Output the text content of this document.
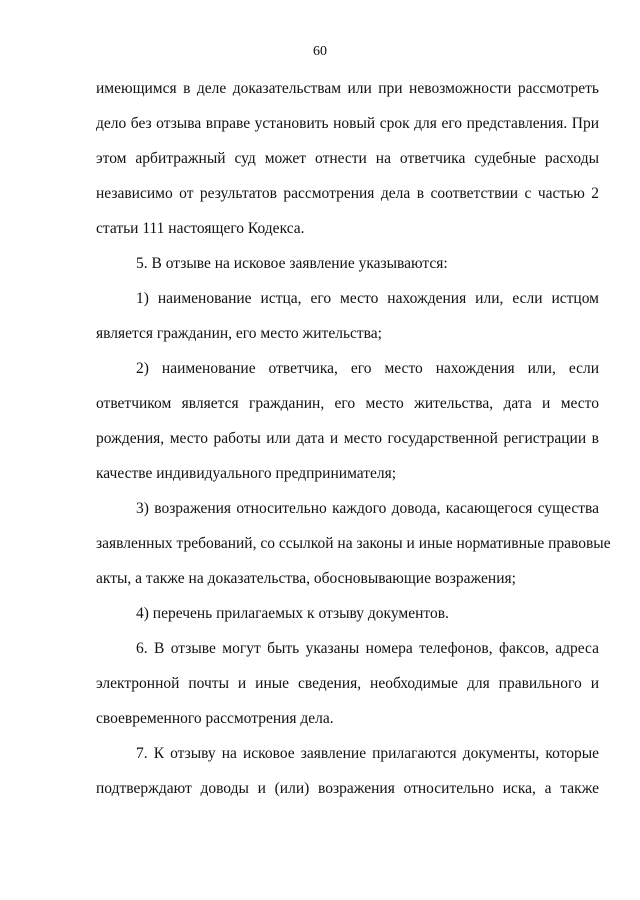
60
имеющимся в деле доказательствам или при невозможности рассмотреть
дело без отзыва вправе установить новый срок для его представления. При
этом арбитражный суд может отнести на ответчика судебные расходы
независимо от результатов рассмотрения дела в соответствии с частью 2
статьи 111 настоящего Кодекса.
5. В отзыве на исковое заявление указываются:
1) наименование истца, его место нахождения или, если истцом
является гражданин, его место жительства;
2) наименование ответчика, его место нахождения или, если
ответчиком является гражданин, его место жительства, дата и место
рождения, место работы или дата и место государственной регистрации в
качестве индивидуального предпринимателя;
3) возражения относительно каждого довода, касающегося существа
заявленных требований, со ссылкой на законы и иные нормативные правовые
акты, а также на доказательства, обосновывающие возражения;
4) перечень прилагаемых к отзыву документов.
6. В отзыве могут быть указаны номера телефонов, факсов, адреса
электронной почты и иные сведения, необходимые для правильного и
своевременного рассмотрения дела.
7. К отзыву на исковое заявление прилагаются документы, которые
подтверждают доводы и (или) возражения относительно иска, а также
